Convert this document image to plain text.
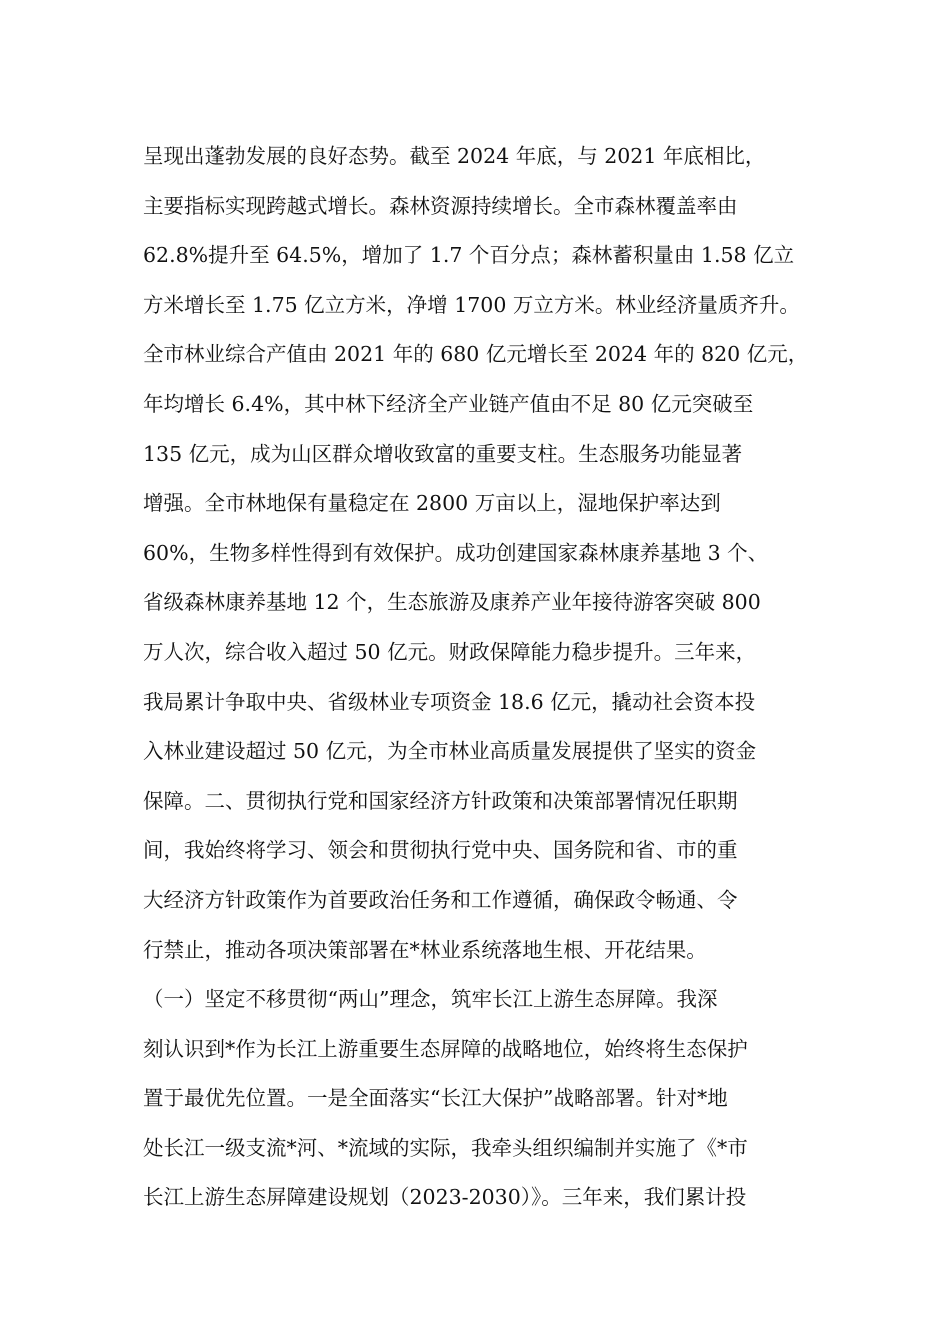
呈现出蓬勃发展的良好态势。截至 2024 年底，与 2021 年底相比，
主要指标实现跨越式增长。森林资源持续增长。全市森林覆盖率由
62.8%提升至 64.5%，增加了 1.7 个百分点；森林蓄积量由 1.58 亿立
方米增长至 1.75 亿立方米，净增 1700 万立方米。林业经济量质齐升。
全市林业综合产值由 2021 年的 680 亿元增长至 2024 年的 820 亿元，
年均增长 6.4%，其中林下经济全产业链产值由不足 80 亿元突破至
135 亿元，成为山区群众增收致富的重要支柱。生态服务功能显著
增强。全市林地保有量稳定在 2800 万亩以上，湿地保护率达到
60%，生物多样性得到有效保护。成功创建国家森林康养基地 3 个、
省级森林康养基地 12 个，生态旅游及康养产业年接待游客突破 800
万人次，综合收入超过 50 亿元。财政保障能力稳步提升。三年来，
我局累计争取中央、省级林业专项资金 18.6 亿元，撬动社会资本投
入林业建设超过 50 亿元，为全市林业高质量发展提供了坚实的资金
保障。二、贯彻执行党和国家经济方针政策和决策部署情况任职期
间，我始终将学习、领会和贯彻执行党中央、国务院和省、市的重
大经济方针政策作为首要政治任务和工作遵循，确保政令畅通、令
行禁止，推动各项决策部署在*林业系统落地生根、开花结果。
（一）坚定不移贯彻“两山”理念，筑牢长江上游生态屏障。我深
刻认识到*作为长江上游重要生态屏障的战略地位，始终将生态保护
置于最优先位置。一是全面落实“长江大保护”战略部署。针对*地
处长江一级支流*河、*流域的实际，我牵头组织编制并实施了《*市
长江上游生态屏障建设规划（2023-2030）》。三年来，我们累计投
